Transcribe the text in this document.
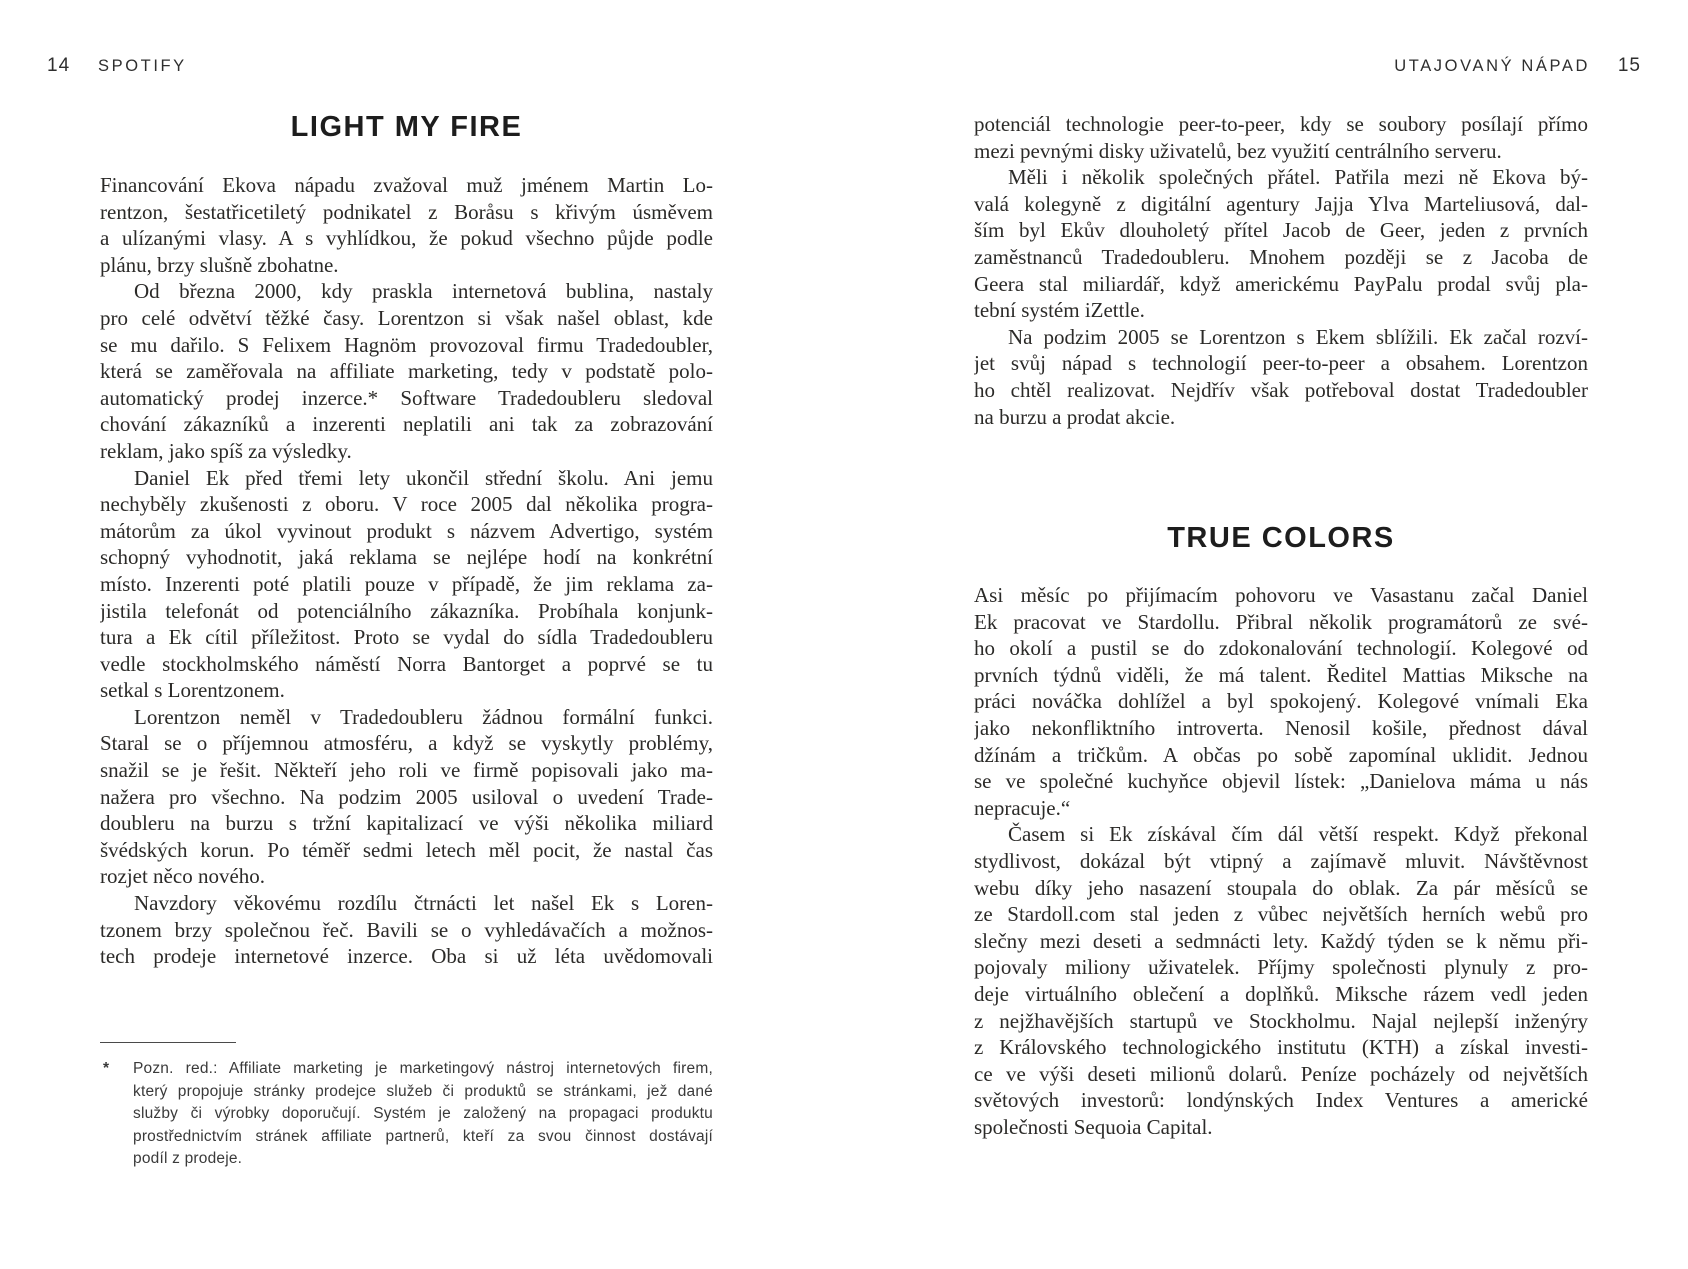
14 SPOTIFY
LIGHT MY FIRE
Financování Ekova nápadu zvažoval muž jménem Martin Lo-
rentzon, šestatřicetiletý podnikatel z Boråsu s křivým úsměvem
a ulízanými vlasy. A s vyhlídkou, že pokud všechno půjde podle
plánu, brzy slušně zbohatne.
Od března 2000, kdy praskla internetová bublina, nastaly
pro celé odvětví těžké časy. Lorentzon si však našel oblast, kde
se mu dařilo. S Felixem Hagnöm provozoval firmu Tradedoubler,
která se zaměřovala na affiliate marketing, tedy v podstatě polo-
automatický prodej inzerce.* Software Tradedoubleru sledoval
chování zákazníků a inzerenti neplatili ani tak za zobrazování
reklam, jako spíš za výsledky.
Daniel Ek před třemi lety ukončil střední školu. Ani jemu
nechyběly zkušenosti z oboru. V roce 2005 dal několika progra-
mátorům za úkol vyvinout produkt s názvem Advertigo, systém
schopný vyhodnotit, jaká reklama se nejlépe hodí na konkrétní
místo. Inzerenti poté platili pouze v případě, že jim reklama za-
jistila telefonát od potenciálního zákazníka. Probíhala konjunk-
tura a Ek cítil příležitost. Proto se vydal do sídla Tradedoubleru
vedle stockholmského náměstí Norra Bantorget a poprvé se tu
setkal s Lorentzonem.
Lorentzon neměl v Tradedoubleru žádnou formální funkci.
Staral se o příjemnou atmosféru, a když se vyskytly problémy,
snažil se je řešit. Někteří jeho roli ve firmě popisovali jako ma-
nažera pro všechno. Na podzim 2005 usiloval o uvedení Trade-
doubleru na burzu s tržní kapitalizací ve výši několika miliard
švédských korun. Po téměř sedmi letech měl pocit, že nastal čas
rozjet něco nového.
Navzdory věkovému rozdílu čtrnácti let našel Ek s Loren-
tzonem brzy společnou řeč. Bavili se o vyhledávačích a možnos-
tech prodeje internetové inzerce. Oba si už léta uvědomovali
*	Pozn. red.: Affiliate marketing je marketingový nástroj internetových firem,
který propojuje stránky prodejce služeb či produktů se stránkami, jež dané
služby či výrobky doporučují. Systém je založený na propagaci produktu
prostřednictvím stránek affiliate partnerů, kteří za svou činnost dostávají
podíl z prodeje.
UTAJOVANÝ NÁPAD 15
potenciál technologie peer-to-peer, kdy se soubory posílají přímo
mezi pevnými disky uživatelů, bez využití centrálního serveru.
Měli i několik společných přátel. Patřila mezi ně Ekova bý-
valá kolegyně z digitální agentury Jajja Ylva Marteliusová, dal-
ším byl Ekův dlouholetý přítel Jacob de Geer, jeden z prvních
zaměstnanců Tradedoubleru. Mnohem později se z Jacoba de
Geera stal miliardář, když americkému PayPalu prodal svůj pla-
tební systém iZettle.
Na podzim 2005 se Lorentzon s Ekem sblížili. Ek začal rozví-
jet svůj nápad s technologií peer-to-peer a obsahem. Lorentzon
ho chtěl realizovat. Nejdřív však potřeboval dostat Tradedoubler
na burzu a prodat akcie.
TRUE COLORS
Asi měsíc po přijímacím pohovoru ve Vasastanu začal Daniel
Ek pracovat ve Stardollu. Přibral několik programátorů ze své-
ho okolí a pustil se do zdokonalování technologií. Kolegové od
prvních týdnů viděli, že má talent. Ředitel Mattias Miksche na
práci nováčka dohlížel a byl spokojený. Kolegové vnímali Eka
jako nekonfliktního introverta. Nenosil košile, přednost dával
džínám a tričkům. A občas po sobě zapomínal uklidit. Jednou
se ve společné kuchyňce objevil lístek: „Danielova máma u nás
nepracuje.“
Časem si Ek získával čím dál větší respekt. Když překonal
stydlivost, dokázal být vtipný a zajímavě mluvit. Návštěvnost
webu díky jeho nasazení stoupala do oblak. Za pár měsíců se
ze Stardoll.com stal jeden z vůbec největších herních webů pro
slečny mezi deseti a sedmnácti lety. Každý týden se k němu při-
pojovaly miliony uživatelek. Příjmy společnosti plynuly z pro-
deje virtuálního oblečení a doplňků. Miksche rázem vedl jeden
z nejžhavějších startupů ve Stockholmu. Najal nejlepší inženýry
z Královského technologického institutu (KTH) a získal investi-
ce ve výši deseti milionů dolarů. Peníze pocházely od největších
světových investorů: londýnských Index Ventures a americké
společnosti Sequoia Capital.
